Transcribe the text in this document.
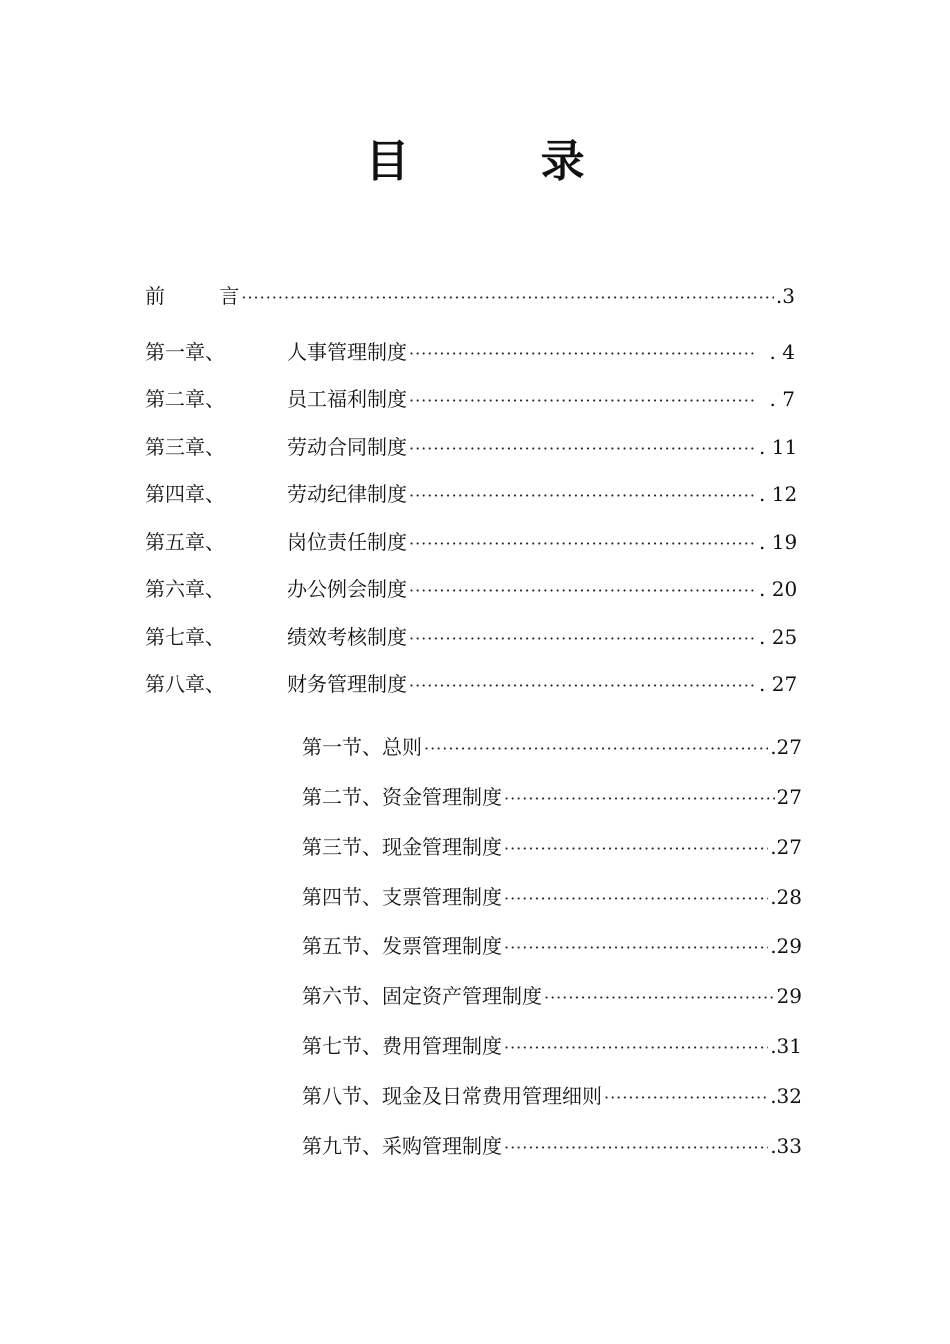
目 录
前 言 ·····	.3
第一章、	人事管理制度 ·····	. 4
第二章、	员工福利制度 ·····	. 7
第三章、	劳动合同制度 ·····	. 11
第四章、	劳动纪律制度 ·····	. 12
第五章、	岗位责任制度 ·····	. 19
第六章、	办公例会制度 ·····	. 20
第七章、	绩效考核制度 ·····	. 25
第八章、	财务管理制度 ·····	. 27
第一节、总则 ·····	.27
第二节、资金管理制度 ·····	27
第三节、现金管理制度 ·····	.27
第四节、支票管理制度 ·····	.28
第五节、发票管理制度 ·····	.29
第六节、固定资产管理制度 ·····	29
第七节、费用管理制度 ·····	.31
第八节、现金及日常费用管理细则 ·····	.32
第九节、采购管理制度 ·····	.33
